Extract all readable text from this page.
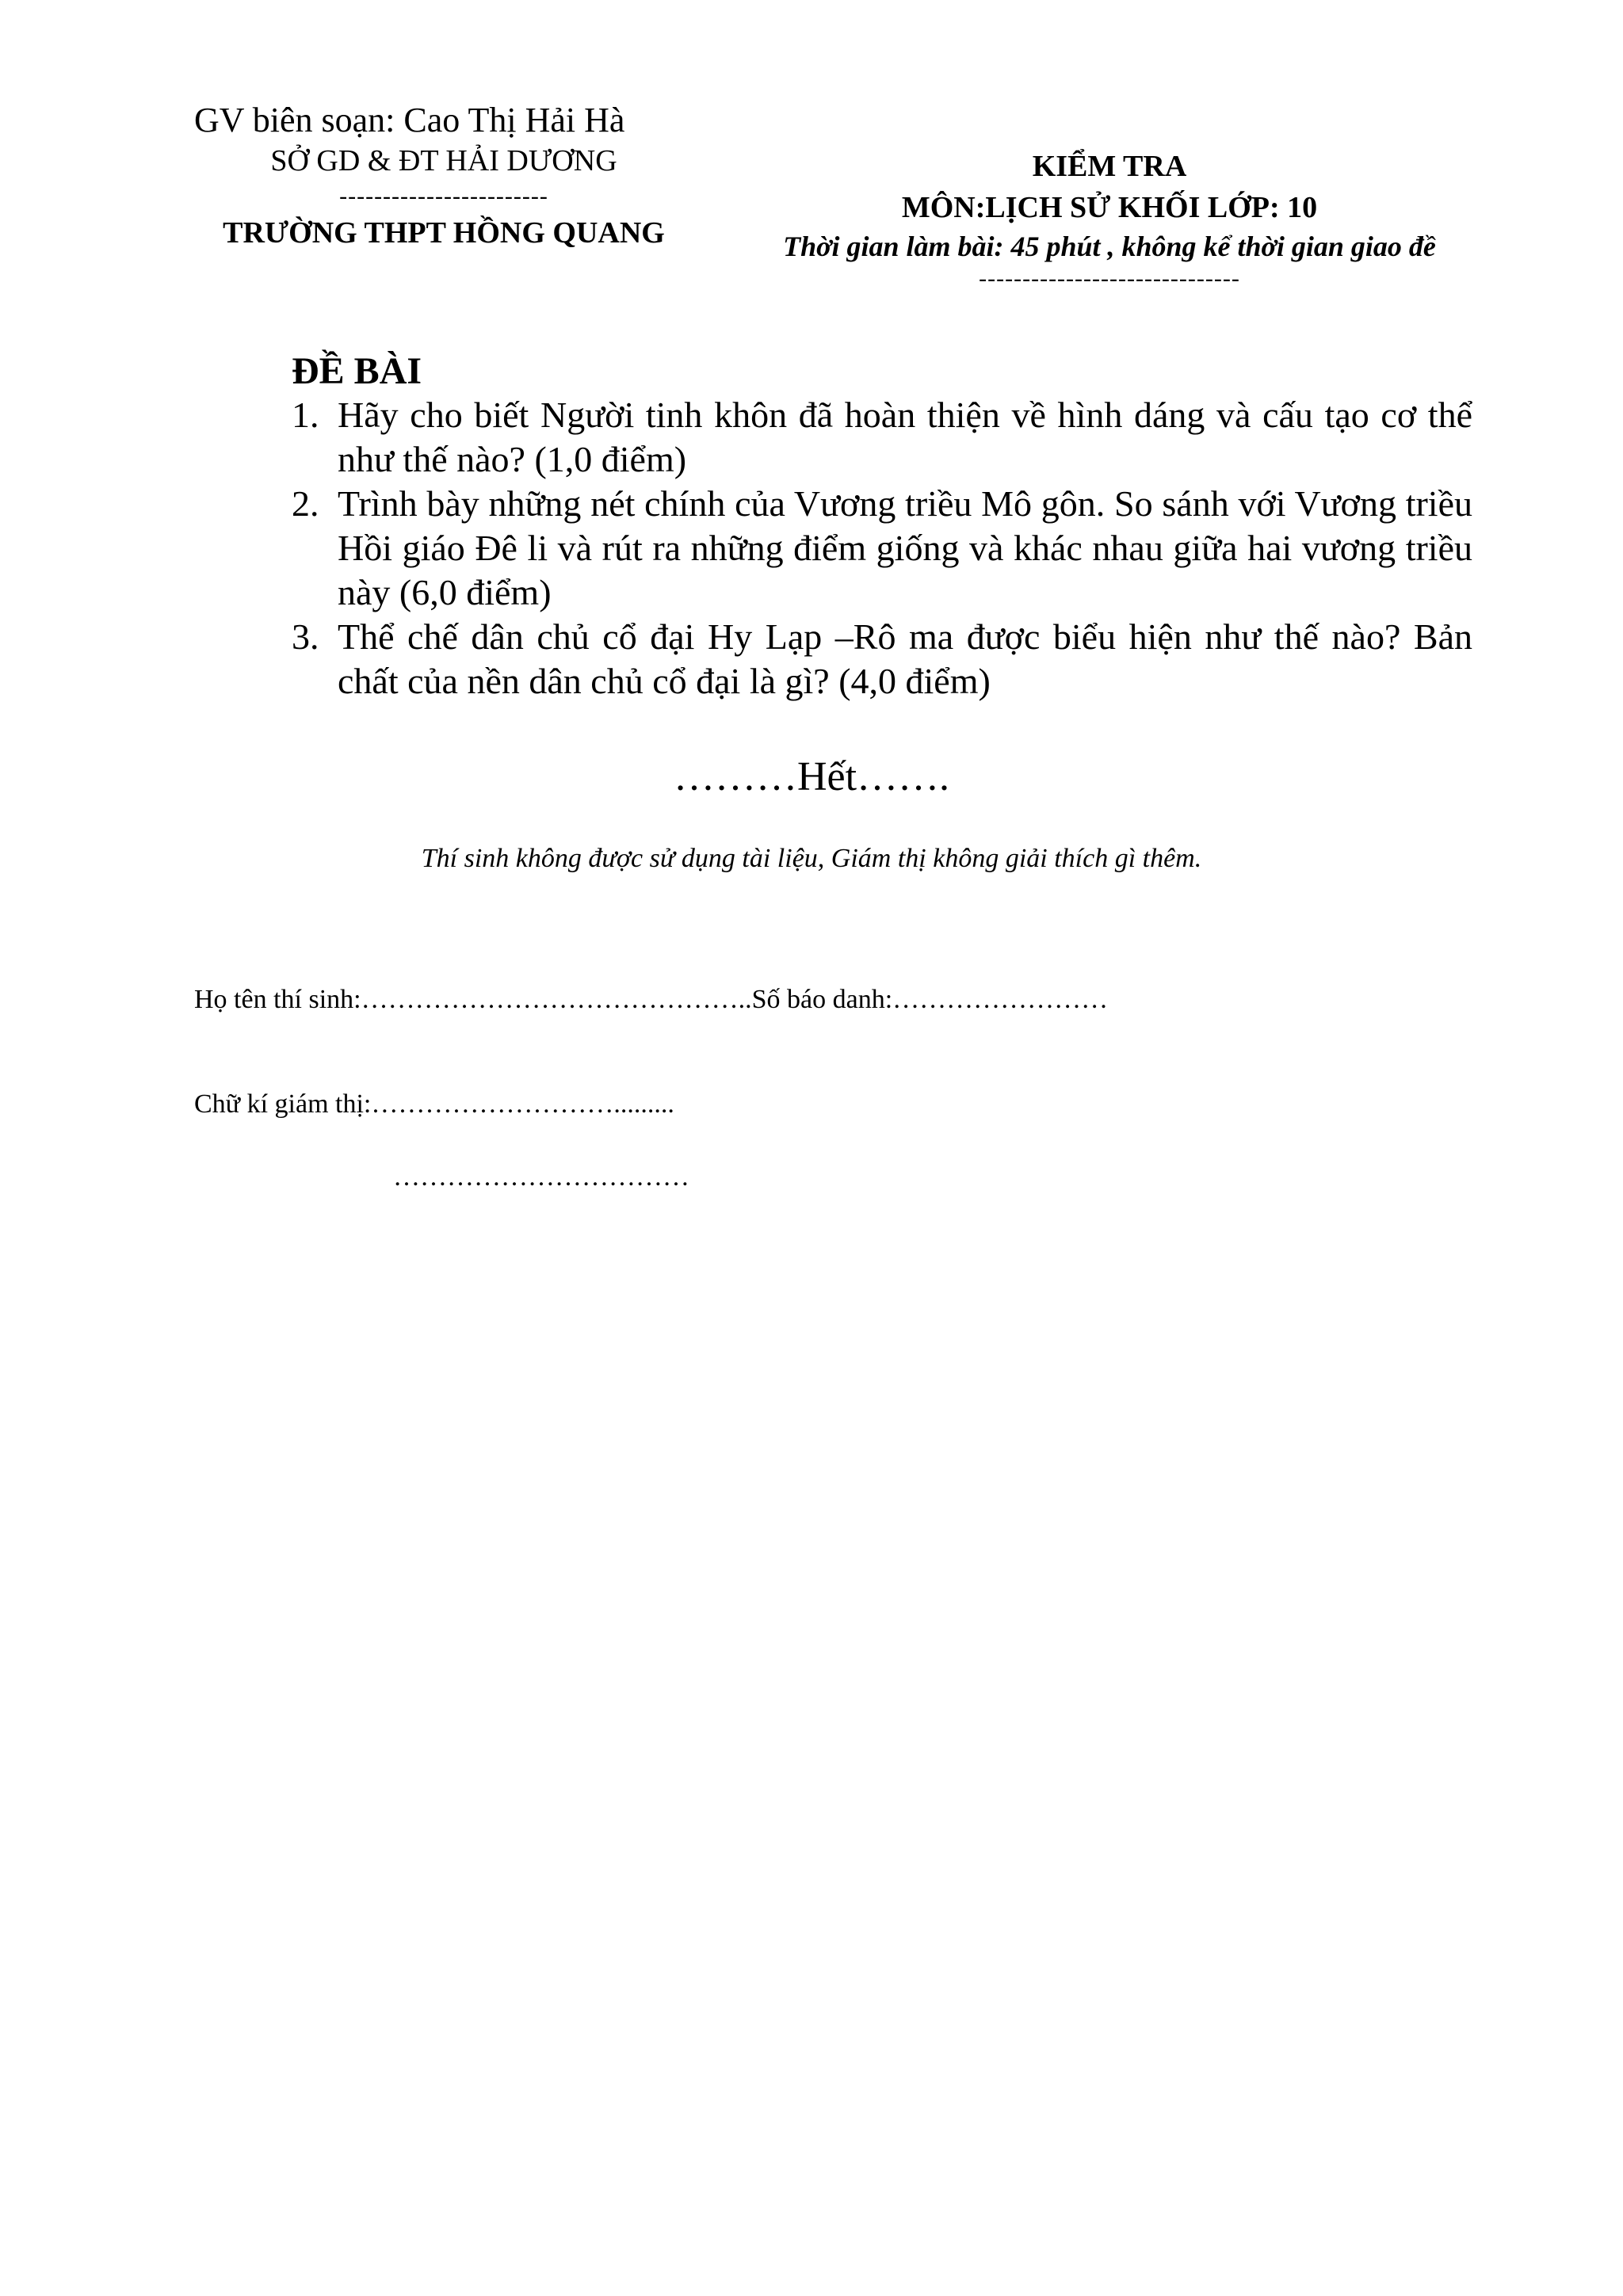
GV biên soạn: Cao Thị Hải Hà
SỞ GD & ĐT HẢI DƯƠNG
------------------------
TRƯỜNG THPT HỒNG QUANG
KIỂM TRA
MÔN:LỊCH SỬ KHỐI LỚP: 10
Thời gian làm bài: 45 phút , không kể thời gian giao đề
------------------------------
ĐỀ BÀI
1. Hãy cho biết Người tinh khôn đã hoàn thiện về hình dáng và cấu tạo cơ thể như thế nào? (1,0 điểm)
2. Trình bày những nét chính của Vương triều Mô gôn. So sánh với Vương triều Hồi giáo Đê li và rút ra những điểm giống và khác nhau giữa hai vương triều này (6,0 điểm)
3. Thể chế dân chủ cổ đại Hy Lạp –Rô ma được biểu hiện như thế nào? Bản chất của nền dân chủ cổ đại là gì? (4,0 điểm)
………Hết…….
Thí sinh không được sử dụng tài liệu, Giám thị không giải thích gì thêm.
Họ tên thí sinh:……………………………………..Số báo danh:……………………
Chữ kí giám thị:……………………….........
……………………………
